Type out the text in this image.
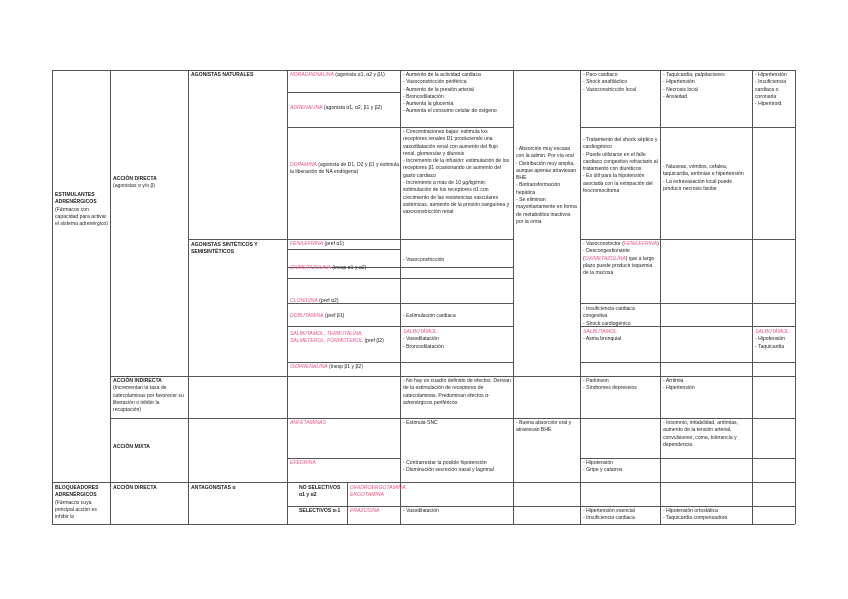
ESTIMULANTES ADRENÉRGICOS
(Fármacos con capacidad para activar el sistema adrenérgico)
BLOQUEADORES ADRENÉRGICOS
(Fármacos cuya principal acción es inhibir la
ACCIÓN DIRECTA
(agonistas α y/o β)
ACCIÓN INDIRECTA
(Incrementan la tasa de catecolaminas por favorecer su liberación o inhibir la recaptación)
ACCIÓN MIXTA
ACCIÓN DIRECTA
AGONISTAS NATURALES
AGONISTAS SINTÉTICOS Y SEMISINTÉTICOS
ANTAGONISTAS α
NORADRENALINA (agonista α1, α2 y β1)
ADRENALINA (agonista α1, α2, β1 y β2)
DOPAMINA (agonista de D1, D2 y β1 y estimula la liberación de NA endógena)
FENILEFRINA (pref α1)
OXIMETAZOLINA (inesp α1 y α2)
CLONIDINA (pref α2)
DOBUTAMINA (pref β1)
SALBUTAMOL, TERBUTALINA, SALMETEROL, FORMOTEROL (pref β2)
ISOPRENALINA (inesp β1 y β2)
ANFETAMINAS
EFEDRINA
NO SELECTIVOS α1 y α2
DIHIDROERGOTAMINA, ERGOTAMINA
SELECTIVOS α-1	PRAZOSINA
- Aumento de la actividad cardiaca
- Vasoconstricción periférica
- Aumento de la presión arterial
- Broncodilatación
- Aumenta la glucemia
- Aumenta el consumo celular de oxígeno
- Concentraciones bajas: estimula los receptores renales D1 produciendo una vasodilatación renal con aumento del flujo renal, glomerular y diuresis
- Incremento de la infusión: estimulación de los receptores β1 ocasionando un aumento del gasto cardiaco
- Incremento a más de 10 µg/kg/min: estimulación de los receptores α1 con crecimiento de las resistencias vasculares sistémicas, aumento de la presión sanguínea y vasoconstricción renal
- Vasoconstricción
- Estimulación cardiaca
SALBUTAMOL:
- Vasodilatación
- Broncodilatación
- No hay un cuadro definido de efectos. Derivan de la estimulación de receptores de catecolaminas. Predominan efectos α-adrenérgicos periféricos
- Estimula SNC
- Contrarrestar la posible hipotensión
- Disminución secreción nasal y lagrimal
- Vasodilatación
- Absorción muy escasa con la admin. Por vía oral
- Distribución muy amplia, aunque apenas atraviesan BHE
- Biotransformación hepática
- Se eliminan mayoritariamente en forma de metabolitos inactivos por la orina
- Buena absorción oral y atraviesan BHE
- Paro cardiaco
- Shock anafiláctico
- Vasoconstricción local
- Tratamiento del shock séptico y cardiogénico
- Puede utilizarse en el fallo cardiaco congestivo refractario al tratamiento con diuréticos
- Es útil para la hipotensión asociada con la extirpación del feocromocitoma
- Vasoconstrictor (FENILEFRINA)
- Descongestionante (OXIMETAZOLINA) que a largo plazo puede producir isquemia de la mucosa
- Insuficiencia cardiaca congestiva
- Shock cardiogénico
SALBUTAMOL:
- Asma bronquial
- Parkinson
- Síndromes depresivos
- Hipotensión
- Gripe y catarros
- Hipertensión esencial
- Insuficiencia cardiaca
- Taquicardia, palpitaciones
- Hipertensión
- Necrosis local
- Ansiedad
- Náuseas, vómitos, cefalea, taquicardia, arritmias e hipertensión
- La extravasación local puede producir necrosis tisular
- Arritmia
- Hipertensión
- Insomnio, irritabilidad, arritmias, aumento de la tensión arterial, convulsiones, coma, tolerancia y dependencia
- Hipotensión ortostática
- Taquicardia compensadora
- Hipertensión
- Insuficiencia cardiaca o coronaria
- Hipertiroid.
SALBUTAMOL:
- Hipotensión
- Taquicardia
